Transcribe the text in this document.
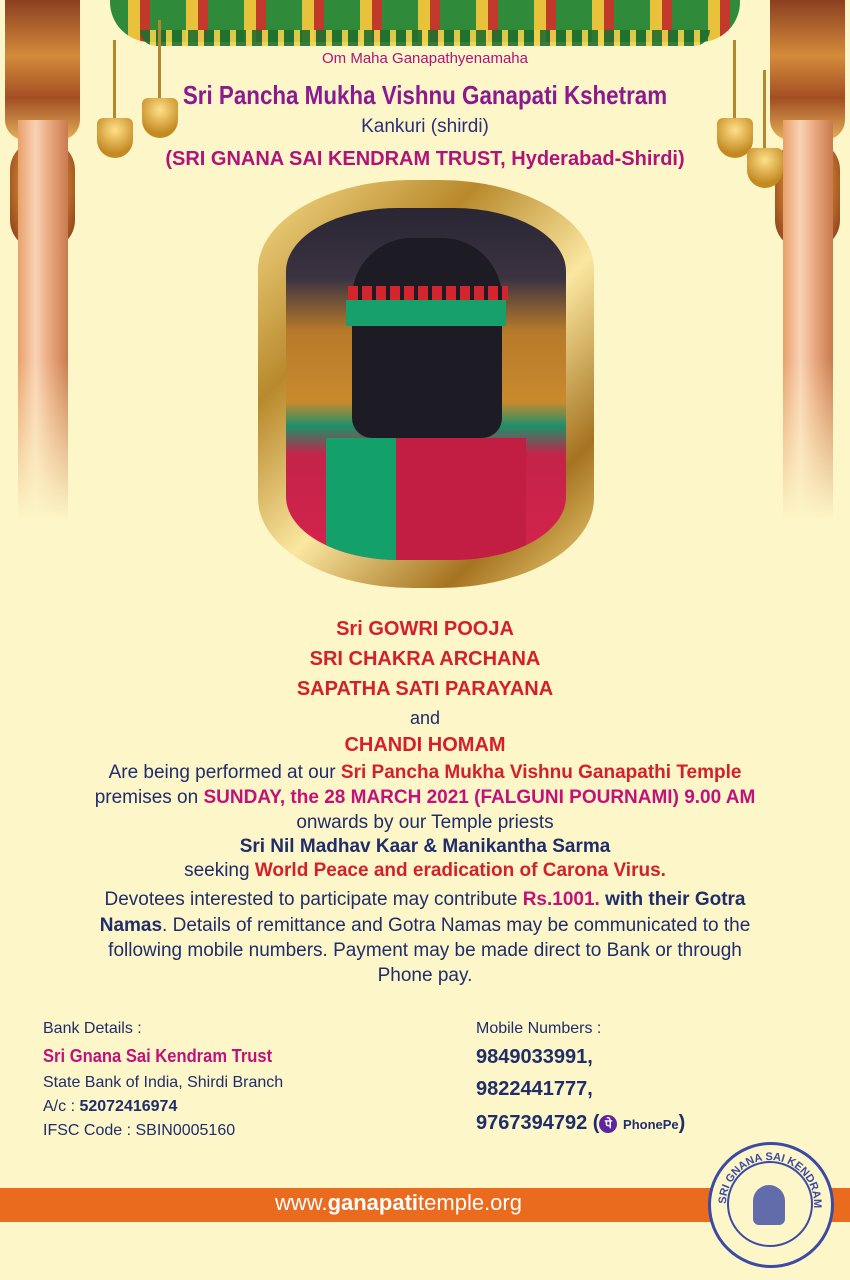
Om Maha Ganapathyenamaha
Sri Pancha Mukha Vishnu Ganapati Kshetram
Kankuri (shirdi)
(SRI GNANA SAI KENDRAM TRUST, Hyderabad-Shirdi)
Sri GOWRI POOJA
SRI CHAKRA ARCHANA
SAPATHA SATI PARAYANA
and
CHANDI HOMAM
Are being performed at our Sri Pancha Mukha Vishnu Ganapathi Temple
premises on SUNDAY, the 28 MARCH 2021 (FALGUNI POURNAMI) 9.00 AM
onwards by our Temple priests
Sri Nil Madhav Kaar & Manikantha Sarma
seeking World Peace and eradication of Carona Virus.
Devotees interested to participate may contribute Rs.1001. with their Gotra
Namas. Details of remittance and Gotra Namas may be communicated to the
following mobile numbers. Payment may be made direct to Bank or through
Phone pay.
Bank Details :
Sri Gnana Sai Kendram Trust
State Bank of India, Shirdi Branch
A/c : 52072416974
IFSC Code : SBIN0005160
Mobile Numbers :
9849033991,
9822441777,
9767394792 ( पे PhonePe)
www.ganapatitemple.org	SRI GNANA SAI KENDRAM
